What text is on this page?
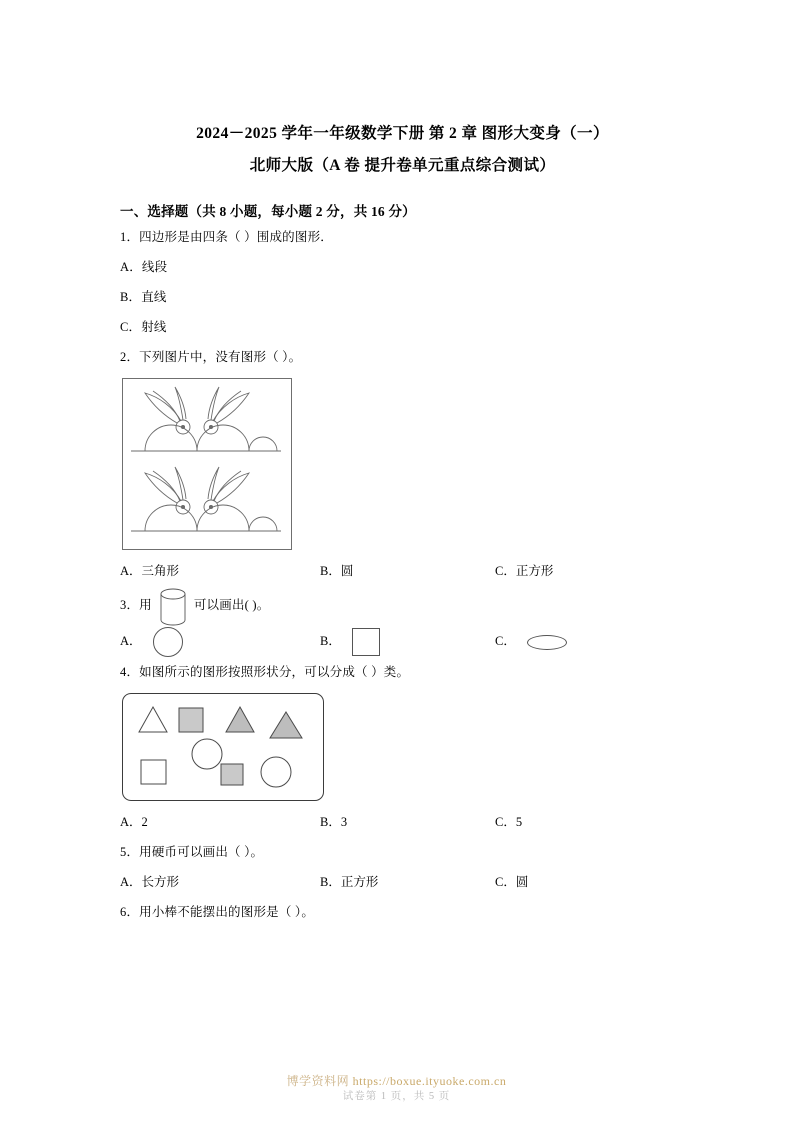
2024－2025 学年一年级数学下册 第 2 章 图形大变身（一）
北师大版（A 卷 提升卷单元重点综合测试）
一、选择题（共 8 小题，每小题 2 分，共 16 分）
1．四边形是由四条（ ）围成的图形．
A．线段
B．直线
C．射线
2．下列图片中，没有图形（ ）。
A．三角形	B．圆	C．正方形
3．用	可以画出( )。
A．	B．	C．
4．如图所示的图形按照形状分，可以分成（ ）类。
A．2	B．3	C．5
5．用硬币可以画出（ ）。
A．长方形	B．正方形	C．圆
6．用小棒不能摆出的图形是（ ）。
博学资料网 https://boxue.ityuoke.com.cn
试卷第 1 页，共 5 页
